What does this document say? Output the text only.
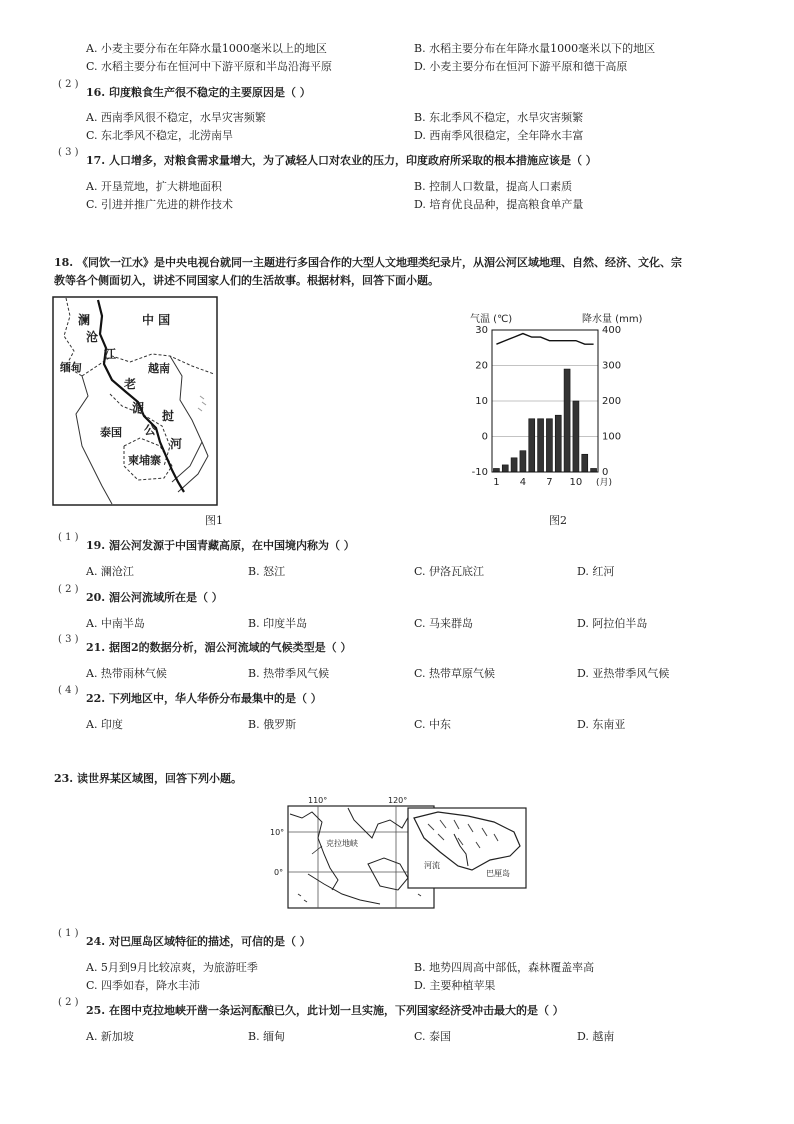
A. 小麦主要分布在年降水量1000毫米以上的地区	B. 水稻主要分布在年降水量1000毫米以下的地区
C. 水稻主要分布在恒河中下游平原和半岛沿海平原	D. 小麦主要分布在恒河下游平原和德干高原
( 2 )
16. 印度粮食生产很不稳定的主要原因是（ ）
A. 西南季风很不稳定，水旱灾害频繁	B. 东北季风不稳定，水旱灾害频繁
C. 东北季风不稳定，北涝南旱	D. 西南季风很稳定，全年降水丰富
( 3 )
17. 人口增多，对粮食需求量增大，为了减轻人口对农业的压力，印度政府所采取的根本措施应该是（ ）
A. 开垦荒地，扩大耕地面积	B. 控制人口数量，提高人口素质
C. 引进并推广先进的耕作技术	D. 培育优良品种，提高粮食单产量
18. 《同饮一江水》是中央电视台就同一主题进行多国合作的大型人文地理类纪录片，从湄公河区域地理、自然、经济、文化、宗
教等各个侧面切入，讲述不同国家人们的生活故事。根据材料，回答下面小题。
澜
沧
江
中 国
缅甸	越南
老
湄
挝
泰国 公
河
柬埔寨
图1
气温 (℃)	降水量 (mm)
30	400
20	300
10	200
0	100
-10	0
1 4 7 10 (月)
图2
( 1 )
19. 湄公河发源于中国青藏高原，在中国境内称为（ ）
A. 澜沧江	B. 怒江	C. 伊洛瓦底江	D. 红河
( 2 )
20. 湄公河流域所在是（ ）
A. 中南半岛	B. 印度半岛	C. 马来群岛	D. 阿拉伯半岛
( 3 )
21. 据图2的数据分析，湄公河流域的气候类型是（ ）
A. 热带雨林气候	B. 热带季风气候	C. 热带草原气候	D. 亚热带季风气候
( 4 )
22. 下列地区中，华人华侨分布最集中的是（ ）
A. 印度	B. 俄罗斯	C. 中东	D. 东南亚
23. 读世界某区域图，回答下列小题。
110°	120°
10°
0°
克拉地峡
河流
巴厘岛
( 1 )
24. 对巴厘岛区域特征的描述，可信的是（ ）
A. 5月到9月比较凉爽，为旅游旺季	B. 地势四周高中部低，森林覆盖率高
C. 四季如春，降水丰沛	D. 主要种植苹果
( 2 )
25. 在图中克拉地峡开凿一条运河酝酿已久，此计划一旦实施，下列国家经济受冲击最大的是（ ）
A. 新加坡	B. 缅甸	C. 泰国	D. 越南
